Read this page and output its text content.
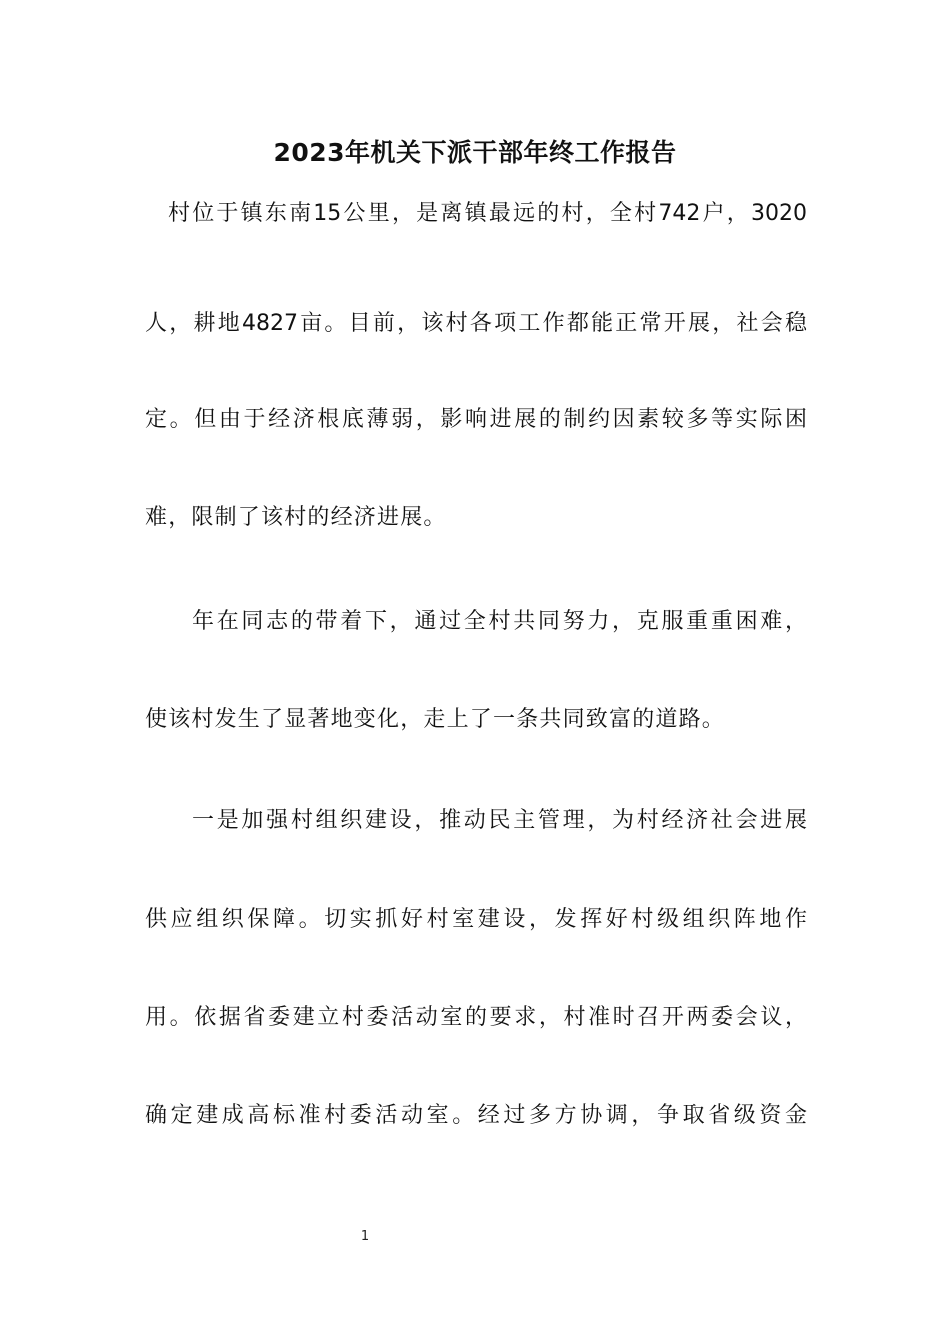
2023年机关下派干部年终工作报告
村位于镇东南15公里，是离镇最远的村，全村742户，3020
人，耕地4827亩。目前，该村各项工作都能正常开展，社会稳
定。但由于经济根底薄弱，影响进展的制约因素较多等实际困
难，限制了该村的经济进展。
年在同志的带着下，通过全村共同努力，克服重重困难，
使该村发生了显著地变化，走上了一条共同致富的道路。
一是加强村组织建设，推动民主管理，为村经济社会进展
供应组织保障。切实抓好村室建设，发挥好村级组织阵地作
用。依据省委建立村委活动室的要求，村准时召开两委会议，
确定建成高标准村委活动室。经过多方协调，争取省级资金
1
